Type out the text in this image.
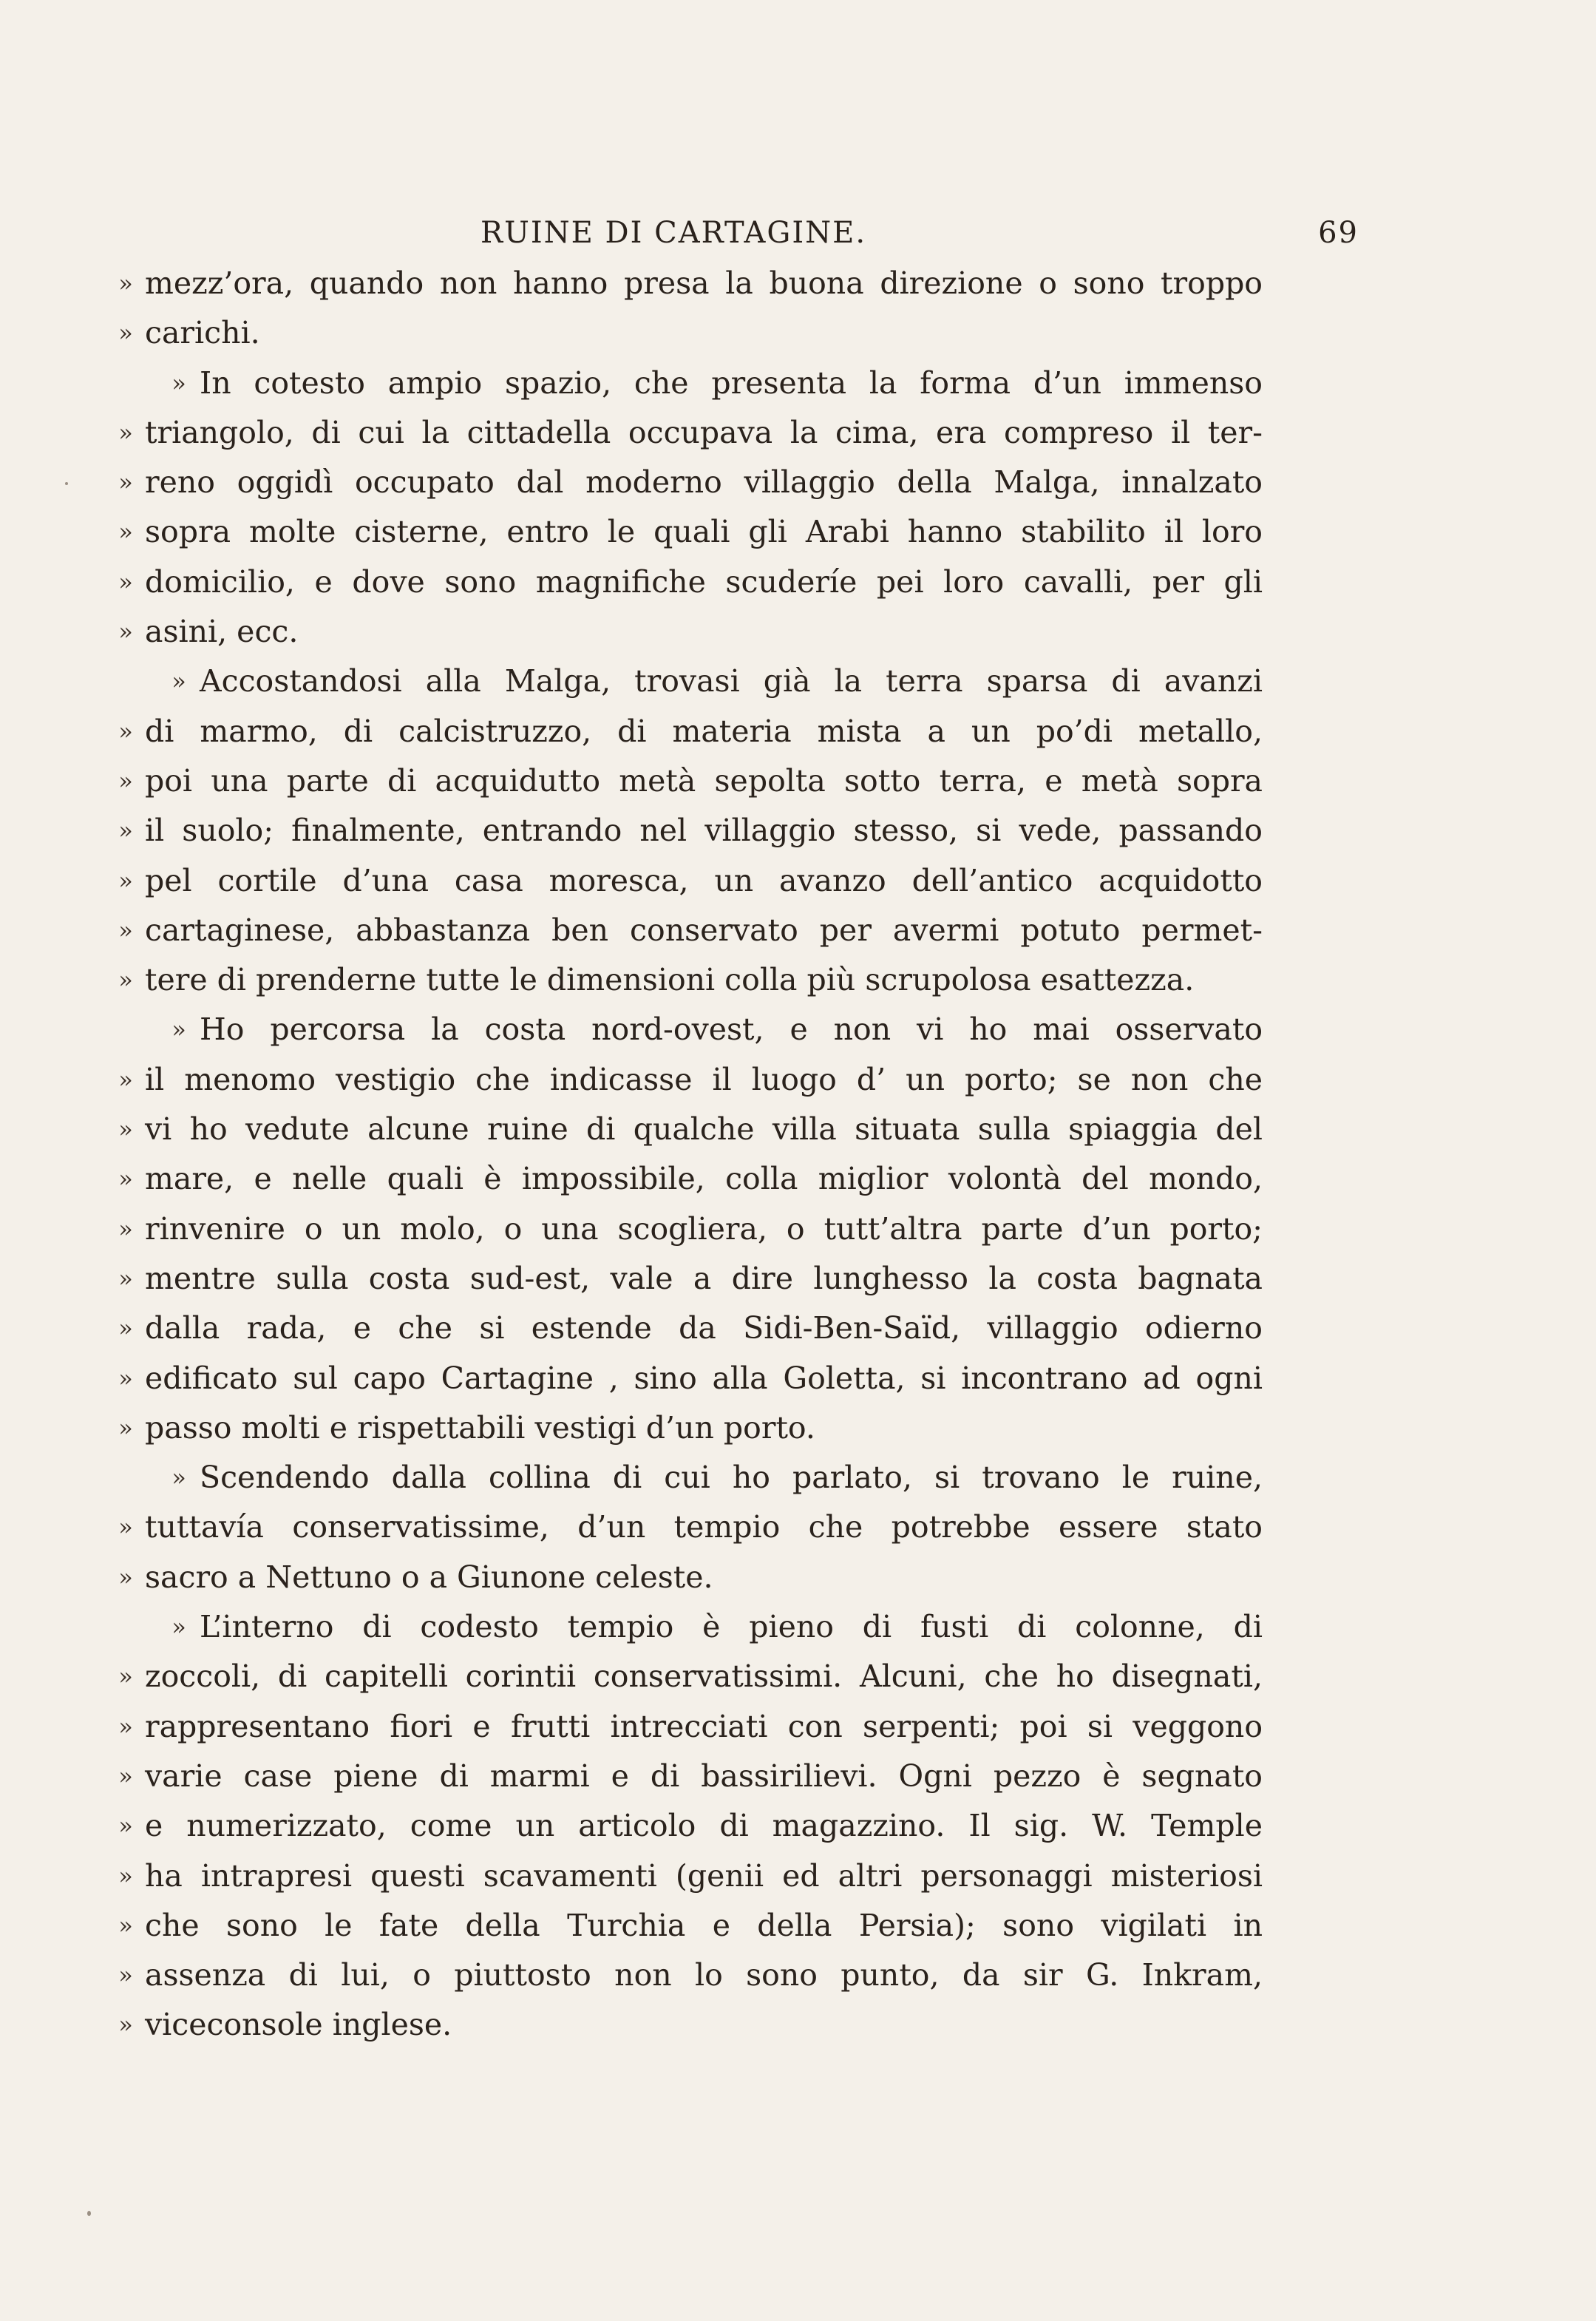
RUINE DI CARTAGINE.	69
» mezz’ora, quando non hanno presa la buona direzione o sono troppo
» carichi.
» In cotesto ampio spazio, che presenta la forma d’un immenso
» triangolo, di cui la cittadella occupava la cima, era compreso il ter-
» reno oggidì occupato dal moderno villaggio della Malga, innalzato
» sopra molte cisterne, entro le quali gli Arabi hanno stabilito il loro
» domicilio, e dove sono magnifiche scuderíe pei loro cavalli, per gli
» asini, ecc.
» Accostandosi alla Malga, trovasi già la terra sparsa di avanzi
» di marmo, di calcistruzzo, di materia mista a un po’di metallo,
» poi una parte di acquidutto metà sepolta sotto terra, e metà sopra
» il suolo; finalmente, entrando nel villaggio stesso, si vede, passando
» pel cortile d’una casa moresca, un avanzo dell’antico acquidotto
» cartaginese, abbastanza ben conservato per avermi potuto permet-
» tere di prenderne tutte le dimensioni colla più scrupolosa esattezza.
» Ho percorsa la costa nord-ovest, e non vi ho mai osservato
» il menomo vestigio che indicasse il luogo d’ un porto; se non che
» vi ho vedute alcune ruine di qualche villa situata sulla spiaggia del
» mare, e nelle quali è impossibile, colla miglior volontà del mondo,
» rinvenire o un molo, o una scogliera, o tutt’altra parte d’un porto;
» mentre sulla costa sud-est, vale a dire lunghesso la costa bagnata
» dalla rada, e che si estende da Sidi-Ben-Saïd, villaggio odierno
» edificato sul capo Cartagine , sino alla Goletta, si incontrano ad ogni
» passo molti e rispettabili vestigi d’un porto.
» Scendendo dalla collina di cui ho parlato, si trovano le ruine,
» tuttavía conservatissime, d’un tempio che potrebbe essere stato
» sacro a Nettuno o a Giunone celeste.
» L’interno di codesto tempio è pieno di fusti di colonne, di
» zoccoli, di capitelli corintii conservatissimi. Alcuni, che ho disegnati,
» rappresentano fiori e frutti intrecciati con serpenti; poi si veggono
» varie case piene di marmi e di bassirilievi. Ogni pezzo è segnato
» e numerizzato, come un articolo di magazzino. Il sig. W. Temple
» ha intrapresi questi scavamenti (genii ed altri personaggi misteriosi
» che sono le fate della Turchia e della Persia); sono vigilati in
» assenza di lui, o piuttosto non lo sono punto, da sir G. Inkram,
» viceconsole inglese.
